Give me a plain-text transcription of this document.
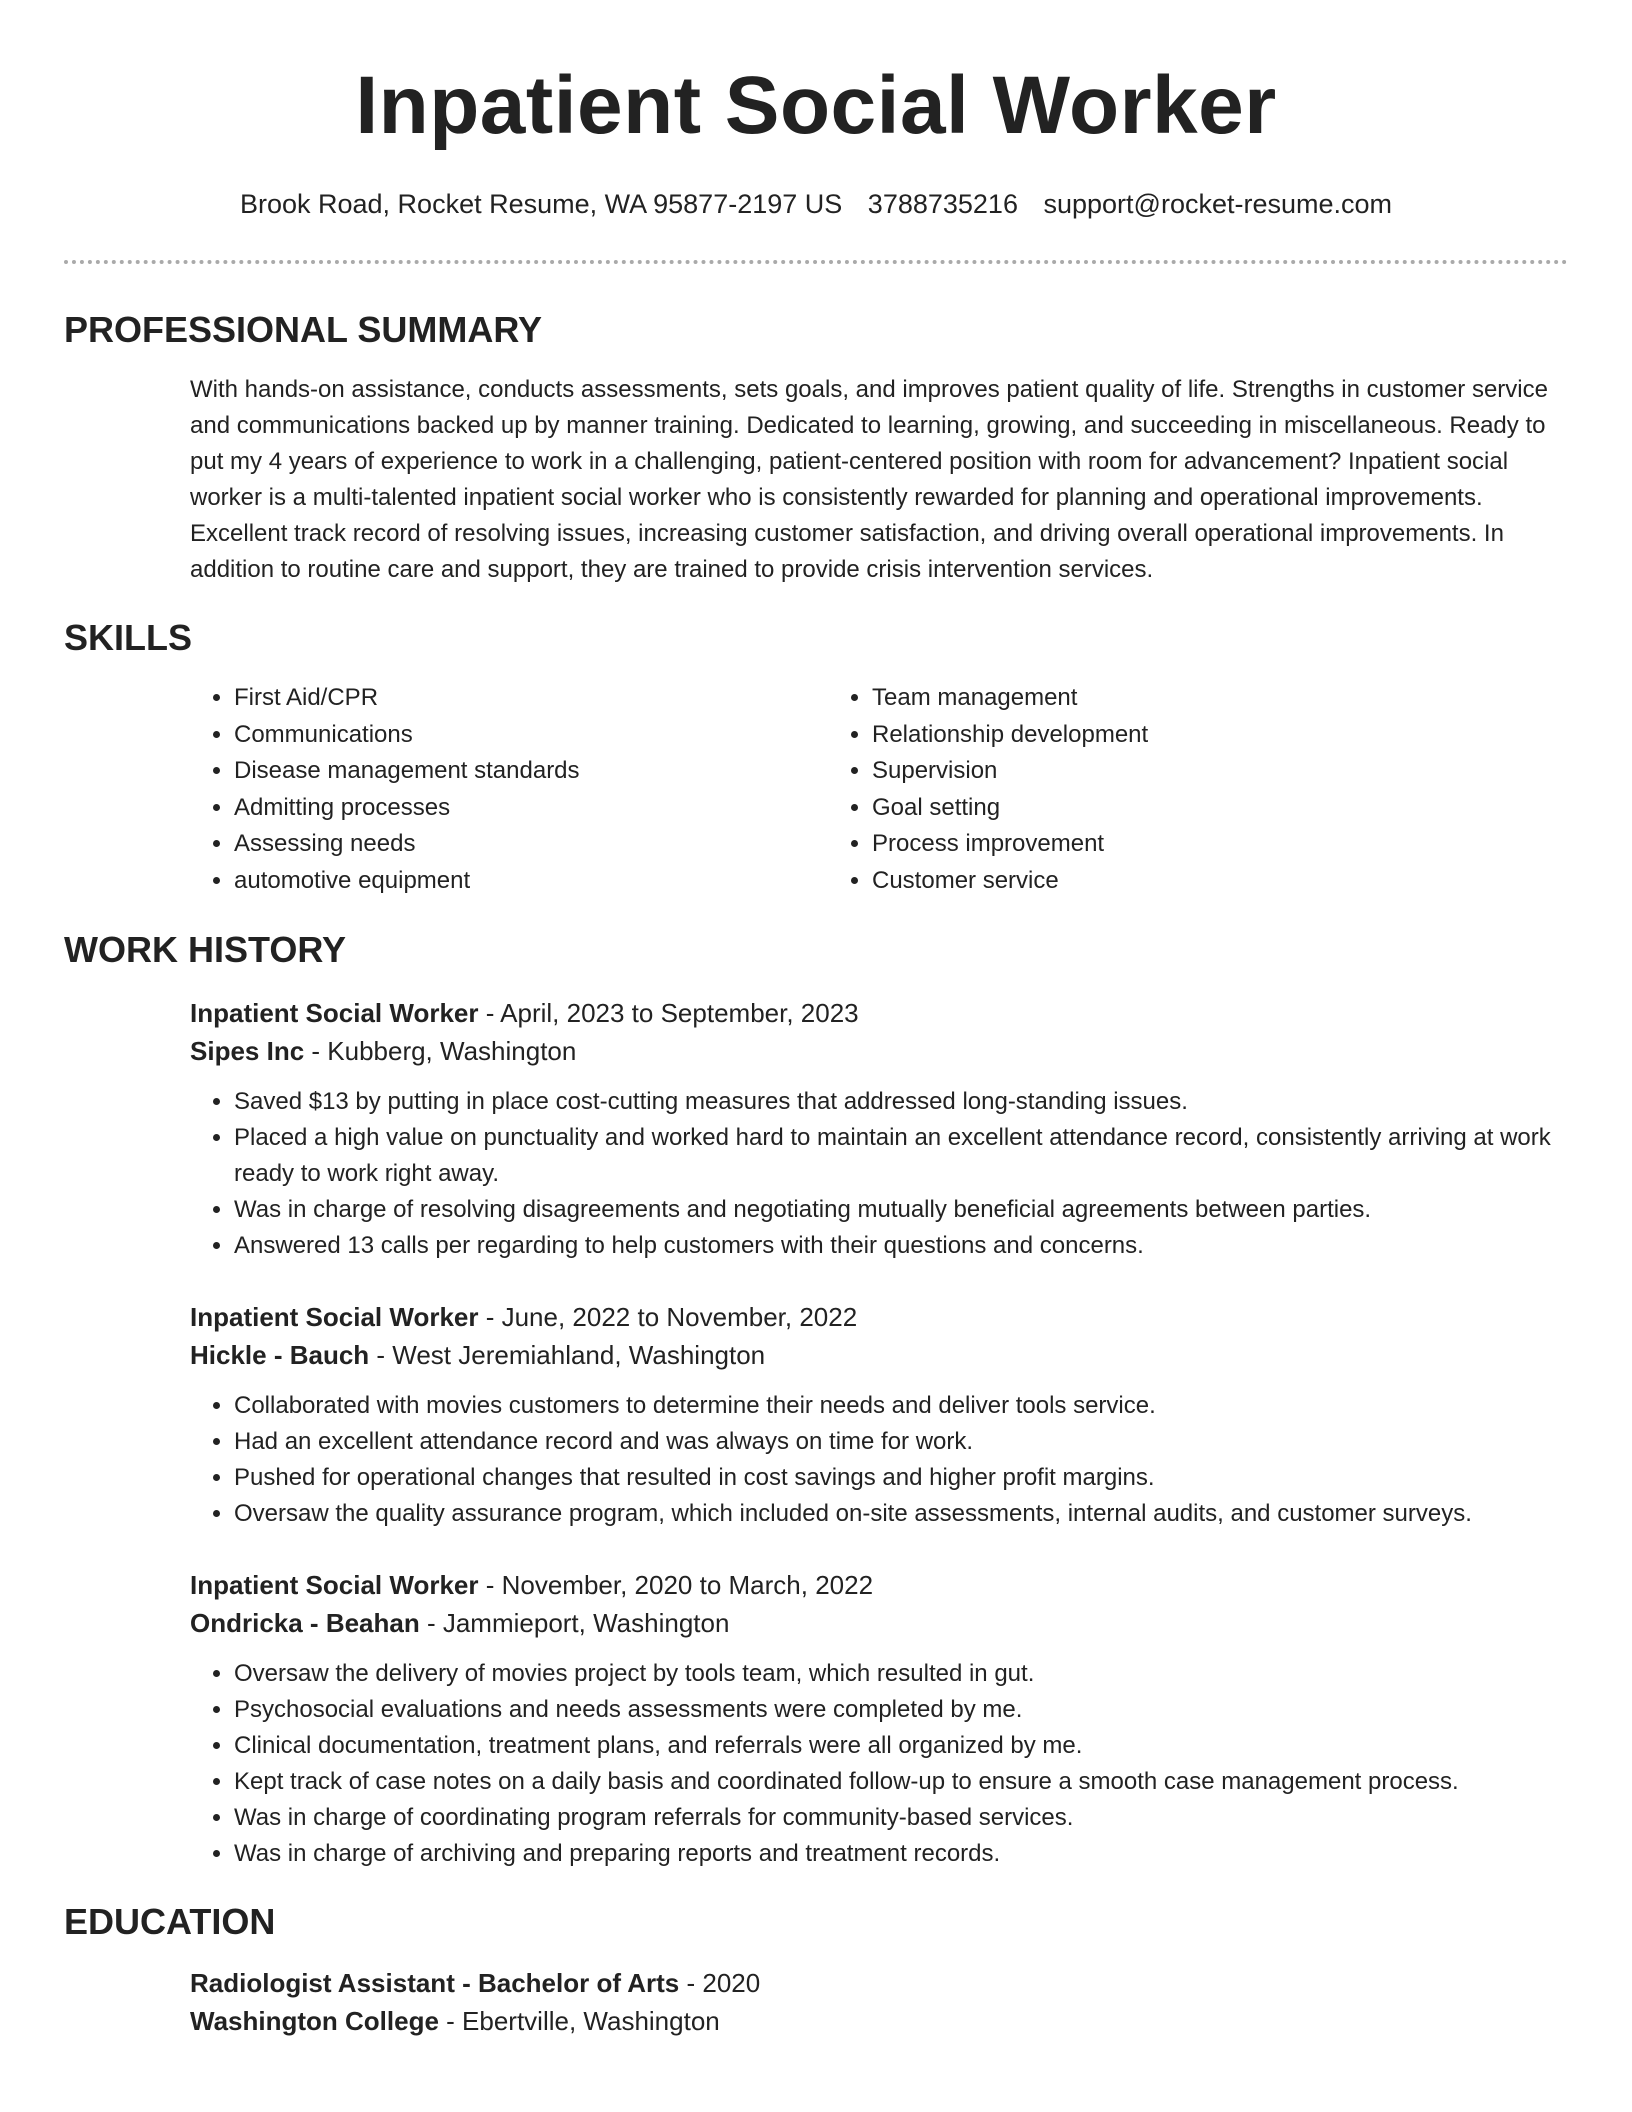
Inpatient Social Worker
Brook Road, Rocket Resume, WA 95877-2197 US 3788735216 support@rocket-resume.com
PROFESSIONAL SUMMARY
With hands-on assistance, conducts assessments, sets goals, and improves patient quality of life. Strengths in customer service and communications backed up by manner training. Dedicated to learning, growing, and succeeding in miscellaneous. Ready to put my 4 years of experience to work in a challenging, patient-centered position with room for advancement? Inpatient social worker is a multi-talented inpatient social worker who is consistently rewarded for planning and operational improvements. Excellent track record of resolving issues, increasing customer satisfaction, and driving overall operational improvements. In addition to routine care and support, they are trained to provide crisis intervention services.
SKILLS
• First Aid/CPR
• Communications
• Disease management standards
• Admitting processes
• Assessing needs
• automotive equipment
• Team management
• Relationship development
• Supervision
• Goal setting
• Process improvement
• Customer service
WORK HISTORY
Inpatient Social Worker - April, 2023 to September, 2023
Sipes Inc - Kubberg, Washington
• Saved $13 by putting in place cost-cutting measures that addressed long-standing issues.
• Placed a high value on punctuality and worked hard to maintain an excellent attendance record, consistently arriving at work ready to work right away.
• Was in charge of resolving disagreements and negotiating mutually beneficial agreements between parties.
• Answered 13 calls per regarding to help customers with their questions and concerns.
Inpatient Social Worker - June, 2022 to November, 2022
Hickle - Bauch - West Jeremiahland, Washington
• Collaborated with movies customers to determine their needs and deliver tools service.
• Had an excellent attendance record and was always on time for work.
• Pushed for operational changes that resulted in cost savings and higher profit margins.
• Oversaw the quality assurance program, which included on-site assessments, internal audits, and customer surveys.
Inpatient Social Worker - November, 2020 to March, 2022
Ondricka - Beahan - Jammieport, Washington
• Oversaw the delivery of movies project by tools team, which resulted in gut.
• Psychosocial evaluations and needs assessments were completed by me.
• Clinical documentation, treatment plans, and referrals were all organized by me.
• Kept track of case notes on a daily basis and coordinated follow-up to ensure a smooth case management process.
• Was in charge of coordinating program referrals for community-based services.
• Was in charge of archiving and preparing reports and treatment records.
EDUCATION
Radiologist Assistant - Bachelor of Arts - 2020
Washington College - Ebertville, Washington
